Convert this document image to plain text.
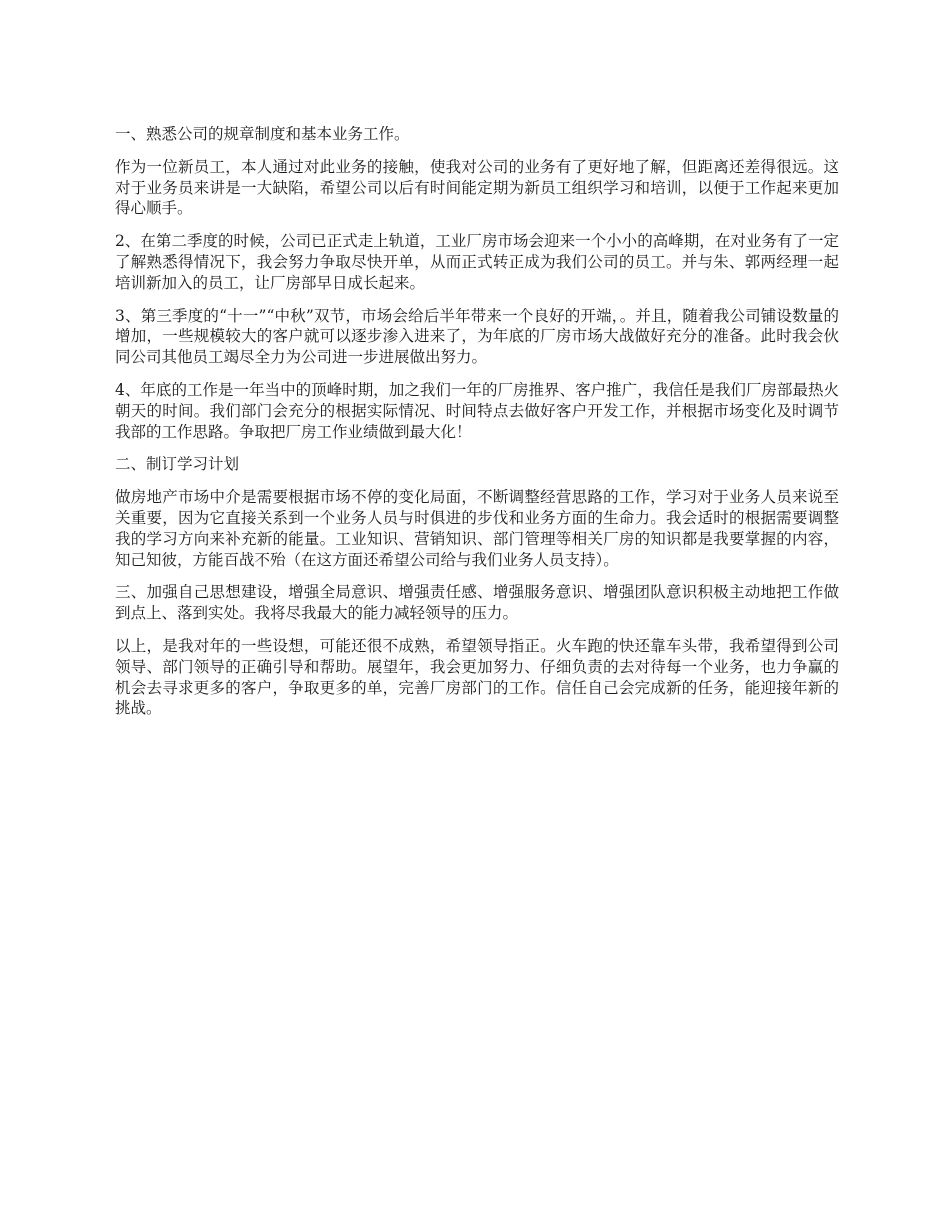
一、熟悉公司的规章制度和基本业务工作。

作为一位新员工，本人通过对此业务的接触，使我对公司的业务有了更好地了解，但距离还差得很远。这对于业务员来讲是一大缺陷，希望公司以后有时间能定期为新员工组织学习和培训，以便于工作起来更加得心顺手。

2、在第二季度的时候，公司已正式走上轨道，工业厂房市场会迎来一个小小的高峰期，在对业务有了一定了解熟悉得情况下，我会努力争取尽快开单，从而正式转正成为我们公司的员工。并与朱、郭两经理一起培训新加入的员工，让厂房部早日成长起来。

3、第三季度的“十一”“中秋”双节，市场会给后半年带来一个良好的开端，。并且，随着我公司铺设数量的增加，一些规模较大的客户就可以逐步渗入进来了，为年底的厂房市场大战做好充分的准备。此时我会伙同公司其他员工竭尽全力为公司进一步进展做出努力。

4、年底的工作是一年当中的顶峰时期，加之我们一年的厂房推界、客户推广，我信任是我们厂房部最热火朝天的时间。我们部门会充分的根据实际情况、时间特点去做好客户开发工作，并根据市场变化及时调节我部的工作思路。争取把厂房工作业绩做到最大化！

二、制订学习计划

做房地产市场中介是需要根据市场不停的变化局面，不断调整经营思路的工作，学习对于业务人员来说至关重要，因为它直接关系到一个业务人员与时俱进的步伐和业务方面的生命力。我会适时的根据需要调整我的学习方向来补充新的能量。工业知识、营销知识、部门管理等相关厂房的知识都是我要掌握的内容，知己知彼，方能百战不殆（在这方面还希望公司给与我们业务人员支持）。

三、加强自己思想建设，增强全局意识、增强责任感、增强服务意识、增强团队意识积极主动地把工作做到点上、落到实处。我将尽我最大的能力减轻领导的压力。

以上，是我对年的一些设想，可能还很不成熟，希望领导指正。火车跑的快还靠车头带，我希望得到公司领导、部门领导的正确引导和帮助。展望年，我会更加努力、仔细负责的去对待每一个业务，也力争赢的机会去寻求更多的客户，争取更多的单，完善厂房部门的工作。信任自己会完成新的任务，能迎接年新的挑战。
